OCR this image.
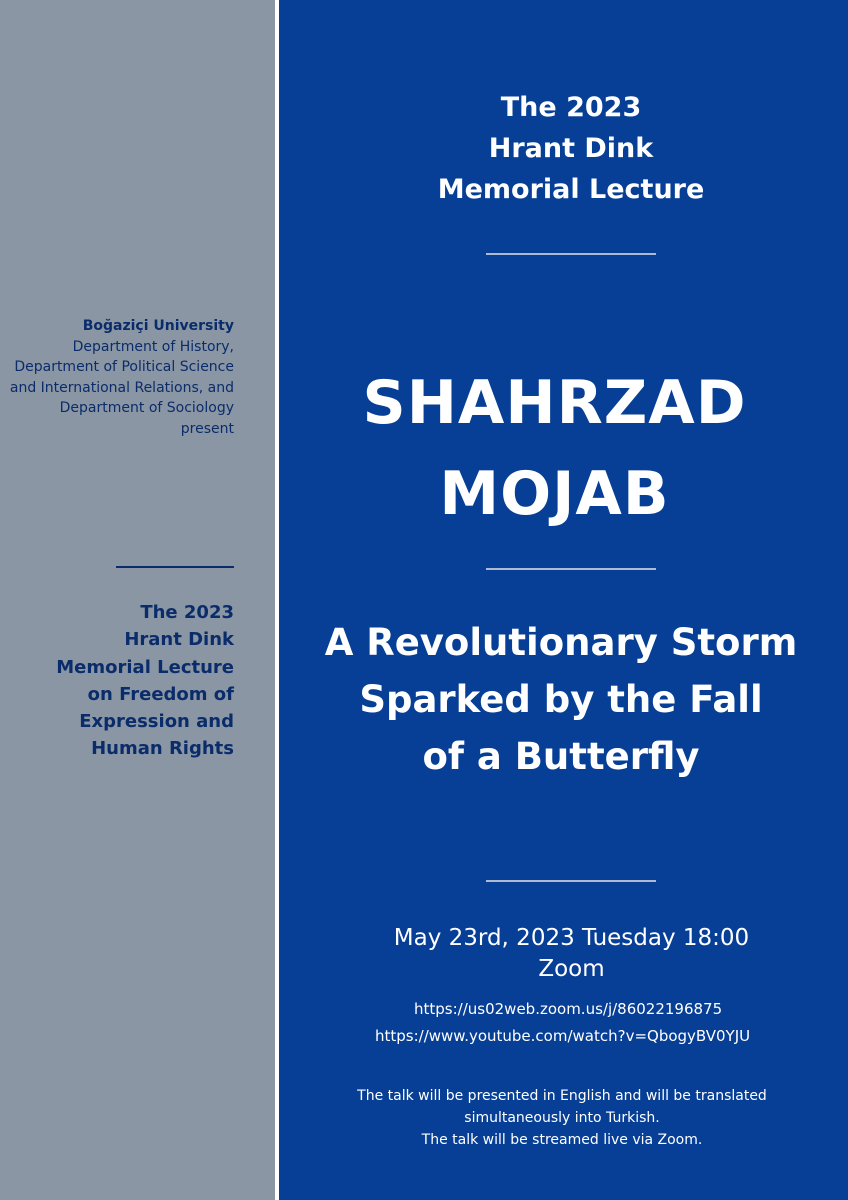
Boğaziçi University
Department of History,
Department of Political Science
and International Relations, and
Department of Sociology
present
The 2023
Hrant Dink
Memorial Lecture
on Freedom of
Expression and
Human Rights
The 2023
Hrant Dink
Memorial Lecture
SHAHRZAD
MOJAB
A Revolutionary Storm
Sparked by the Fall
of a Butterfly
May 23rd, 2023 Tuesday 18:00
Zoom
https://us02web.zoom.us/j/86022196875
https://www.youtube.com/watch?v=QbogyBV0YJU
The talk will be presented in English and will be translated
simultaneously into Turkish.
The talk will be streamed live via Zoom.
